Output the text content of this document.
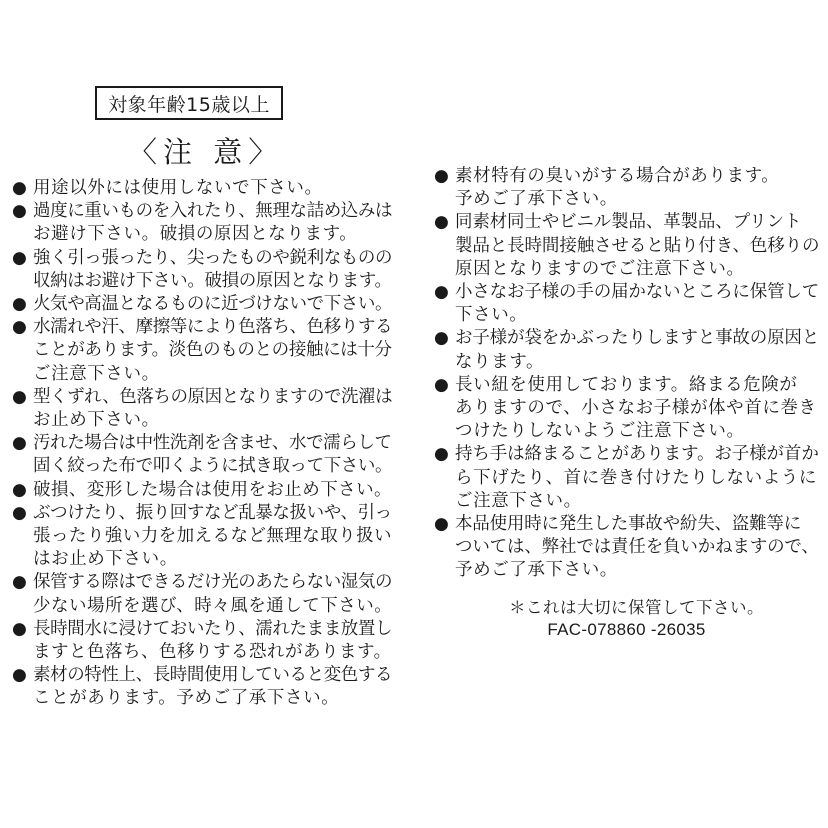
対象年齢15歳以上
〈注 意〉
● 用途以外には使用しないで下さい。
● 過度に重いものを入れたり、無理な詰め込みは
お避け下さい。破損の原因となります。
● 強く引っ張ったり、尖ったものや鋭利なものの
収納はお避け下さい。破損の原因となります。
● 火気や高温となるものに近づけないで下さい。
● 水濡れや汗、摩擦等により色落ち、色移りする
ことがあります。淡色のものとの接触には十分
ご注意下さい。
● 型くずれ、色落ちの原因となりますので洗濯は
お止め下さい。
● 汚れた場合は中性洗剤を含ませ、水で濡らして
固く絞った布で叩くように拭き取って下さい。
● 破損、変形した場合は使用をお止め下さい。
● ぶつけたり、振り回すなど乱暴な扱いや、引っ
張ったり強い力を加えるなど無理な取り扱い
はお止め下さい。
● 保管する際はできるだけ光のあたらない湿気の
少ない場所を選び、時々風を通して下さい。
● 長時間水に浸けておいたり、濡れたまま放置し
ますと色落ち、色移りする恐れがあります。
● 素材の特性上、長時間使用していると変色する
ことがあります。予めご了承下さい。
● 素材特有の臭いがする場合があります。
予めご了承下さい。
● 同素材同士やビニル製品、革製品、プリント
製品と長時間接触させると貼り付き、色移りの
原因となりますのでご注意下さい。
● 小さなお子様の手の届かないところに保管して
下さい。
● お子様が袋をかぶったりしますと事故の原因と
なります。
● 長い紐を使用しております。絡まる危険が
ありますので、小さなお子様が体や首に巻き
つけたりしないようご注意下さい。
● 持ち手は絡まることがあります。お子様が首か
ら下げたり、首に巻き付けたりしないように
ご注意下さい。
● 本品使用時に発生した事故や紛失、盗難等に
ついては、弊社では責任を負いかねますので、
予めご了承下さい。
＊これは大切に保管して下さい。
FAC-078860 -26035
